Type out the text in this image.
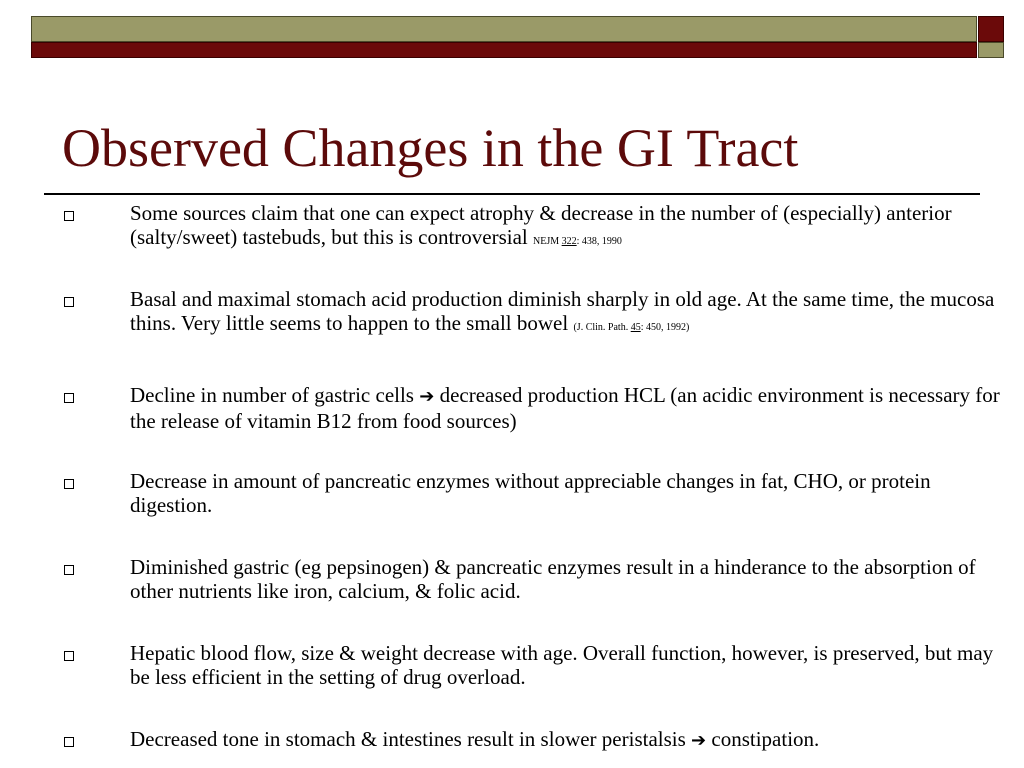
Observed Changes in the GI Tract
Some sources claim that one can expect atrophy & decrease in the number of (especially) anterior (salty/sweet) tastebuds, but this is controversial NEJM 322: 438, 1990
Basal and maximal stomach acid production diminish sharply in old age. At the same time, the mucosa thins. Very little seems to happen to the small bowel (J. Clin. Path. 45: 450, 1992)
Decline in number of gastric cells ➔ decreased production HCL (an acidic environment is necessary for the release of vitamin B12 from food sources)
Decrease in amount of pancreatic enzymes without appreciable changes in fat, CHO, or protein digestion.
Diminished gastric (eg pepsinogen) & pancreatic enzymes result in a hinderance to the absorption of other nutrients like iron, calcium, & folic acid.
Hepatic blood flow, size & weight decrease with age. Overall function, however, is preserved, but may be less efficient in the setting of drug overload.
Decreased tone in stomach & intestines result in slower peristalsis ➔ constipation.
